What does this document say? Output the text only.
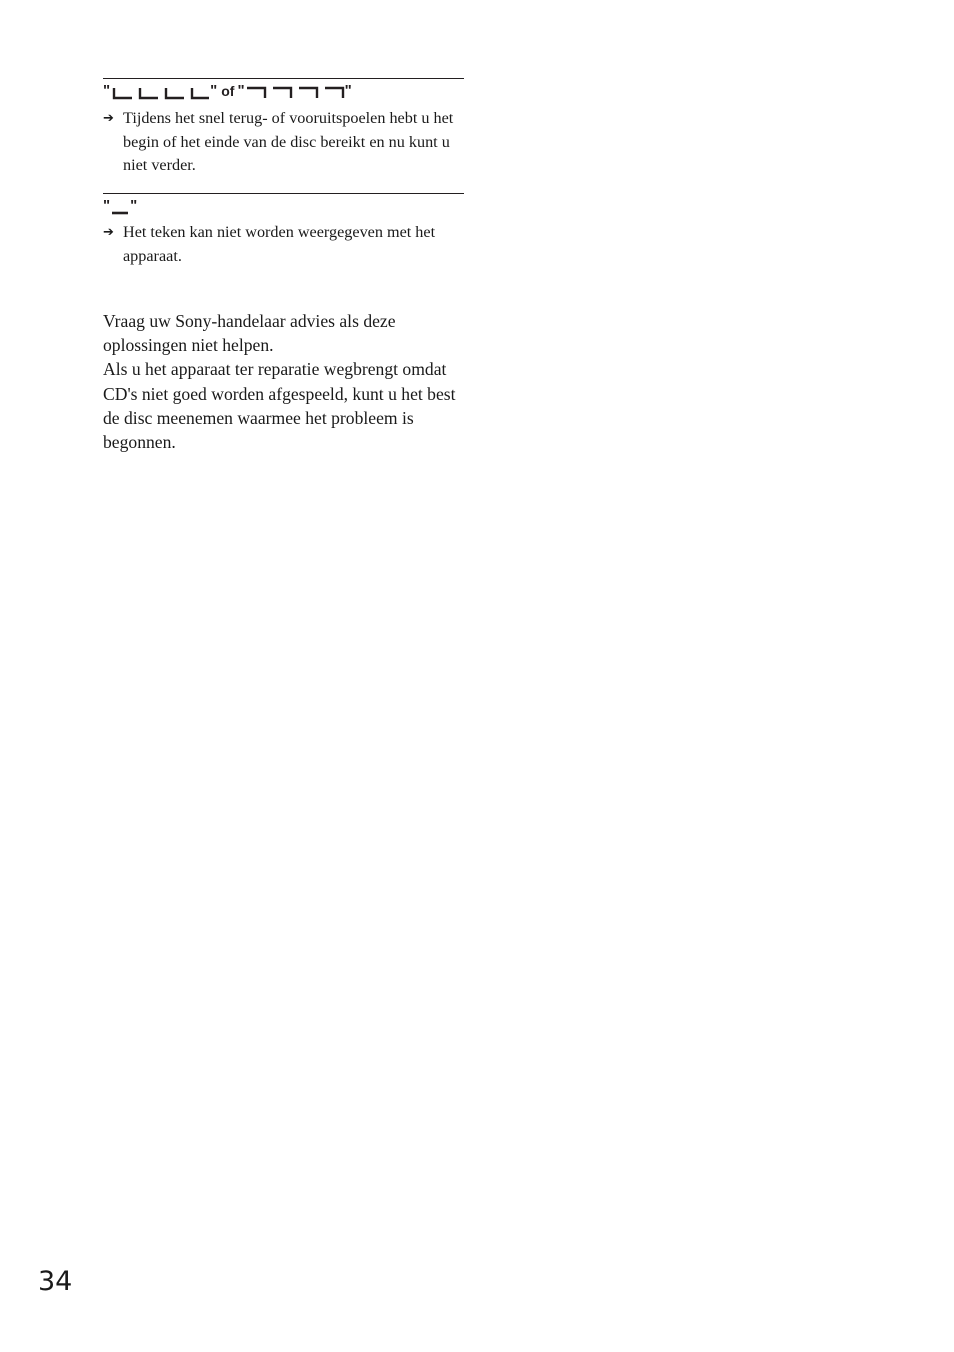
"	" of "	"
➔ Tijdens het snel terug- of vooruitspoelen hebt u het begin of het einde van de disc bereikt en nu kunt u niet verder.
" "
➔ Het teken kan niet worden weergegeven met het apparaat.
Vraag uw Sony-handelaar advies als deze oplossingen niet helpen.
Als u het apparaat ter reparatie wegbrengt omdat CD's niet goed worden afgespeeld, kunt u het best de disc meenemen waarmee het probleem is begonnen.
34
